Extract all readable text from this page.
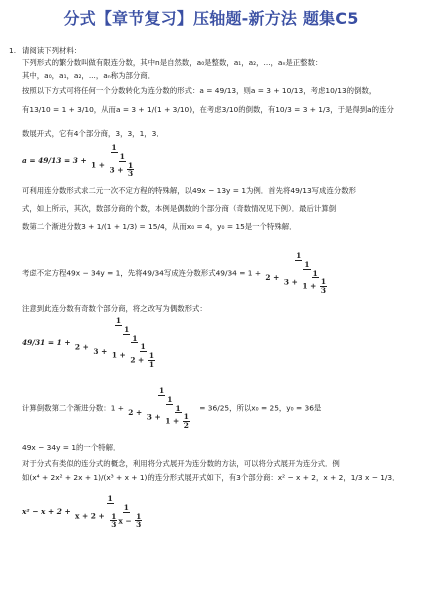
分式【章节复习】压轴题-新方法 题集C5
1. 请阅读下列材料：
下列形式的繁分数叫做有限连分数，其中n是自然数，a₀是整数，a₁，a₂，...，aₙ是正整数：
其中，a₀，a₁，a₂，...，aₙ称为部分商．
按照以下方式可将任何一个分数转化为连分数的形式：a = 49/13，则a = 3 + 10/13，考虑10/13的倒数，
有13/10 = 1 + 3/10，从而a = 3 + 1/(1 + 3/10)，在考虑3/10的倒数，有10/3 = 3 + 1/3，于是得到a的连分
数展开式，它有4个部分商，3，3，1，3．
$a = 49/13 = 3 + \frac{1}{1 + \frac{1}{3 + \frac{1}{3}}}$
可利用连分数形式求二元一次不定方程的特殊解，以49x − 13y = 1为例．首先将49/13写成连分数形
式，如上所示，其次，数部分商的个数，本例是偶数的个部分商（奇数情况见下例）．最后计算倒
数第二个渐进分数3 + 1/(1 + 1/3) = 15/4，从而x₀ = 4，y₀ = 15是一个特殊解．
考虑不定方程49x − 34y = 1，先将49/34写成连分数形式$49/34 = 1 + \frac{1}{2 + \frac{1}{3 + \frac{1}{1 + \frac{1}{3}}}}$
注意到此连分数有奇数个部分商，将之改写为偶数形式：
$49/31 = 1 + \frac{1}{2 + \frac{1}{3 + \frac{1}{1 + \frac{1}{2 + \frac{1}{1}}}}}$
计算倒数第二个渐进分数：$1 + \frac{1}{2 + \frac{1}{3 + \frac{1}{1 + \frac{1}{2}}}} = 36/25$，所以x₀ = 25，y₀ = 36是
49x − 34y = 1的一个特解．
对于分式有类似的连分式的概念，利用将分式展开为连分数的方法，可以将分式展开为连分式．例
如(x⁴ + 2x² + 2x + 1)/(x³ + x + 1)的连分形式展开式如下，有3个部分商：x² − x + 2，x + 2，1/3 x − 1/3．
$x^2 - x + 2 + \frac{1}{x + 2 + \frac{1}{\frac{1}{3} x - \frac{1}{3}}}$
